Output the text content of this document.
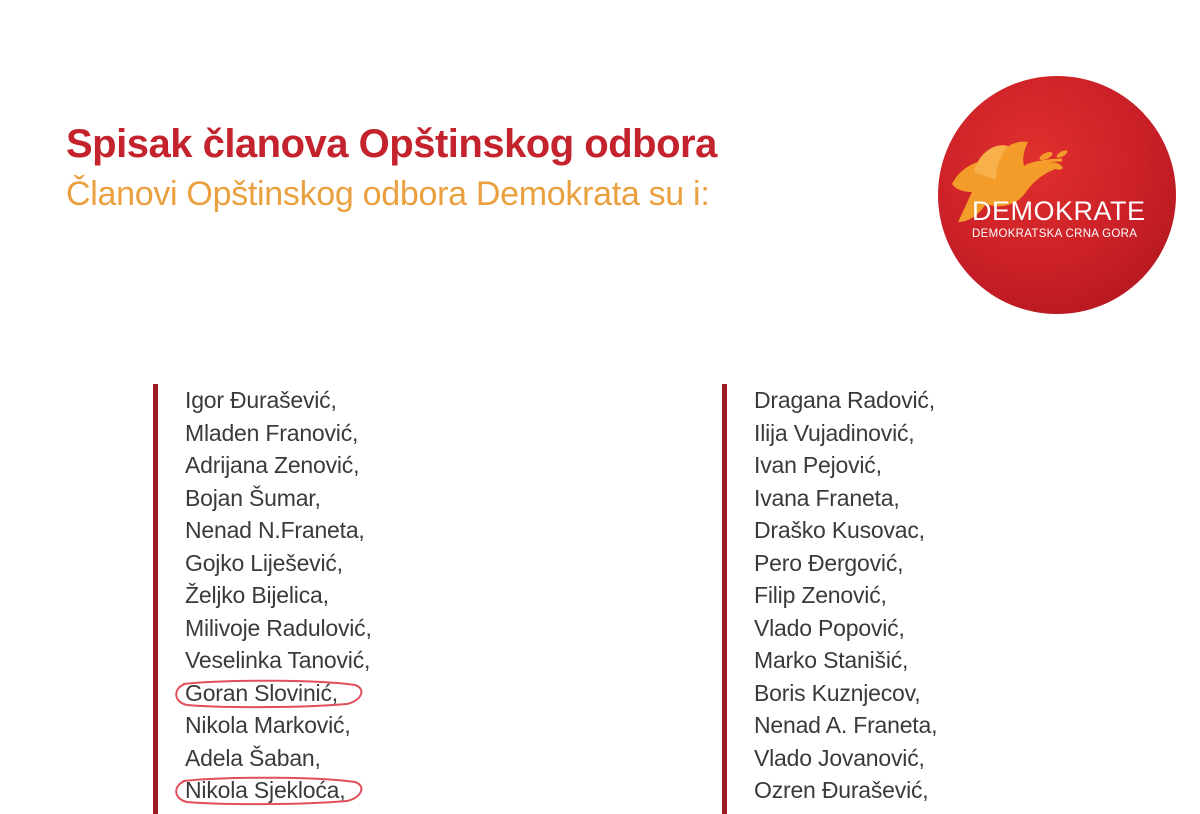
Spisak članova Opštinskog odbora
Članovi Opštinskog odbora Demokrata su i:	DEMOKRATE
DEMOKRATSKA CRNA GORA
Igor Đurašević,
Mladen Franović,
Adrijana Zenović,
Bojan Šumar,
Nenad N.Franeta,
Gojko Liješević,
Željko Bijelica,
Milivoje Radulović,
Veselinka Tanović,
Goran Slovinić,
Nikola Marković,
Adela Šaban,
Nikola Sjekloća,
Dragana Radović,
Ilija Vujadinović,
Ivan Pejović,
Ivana Franeta,
Draško Kusovac,
Pero Đergović,
Filip Zenović,
Vlado Popović,
Marko Stanišić,
Boris Kuznjecov,
Nenad A. Franeta,
Vlado Jovanović,
Ozren Đurašević,
